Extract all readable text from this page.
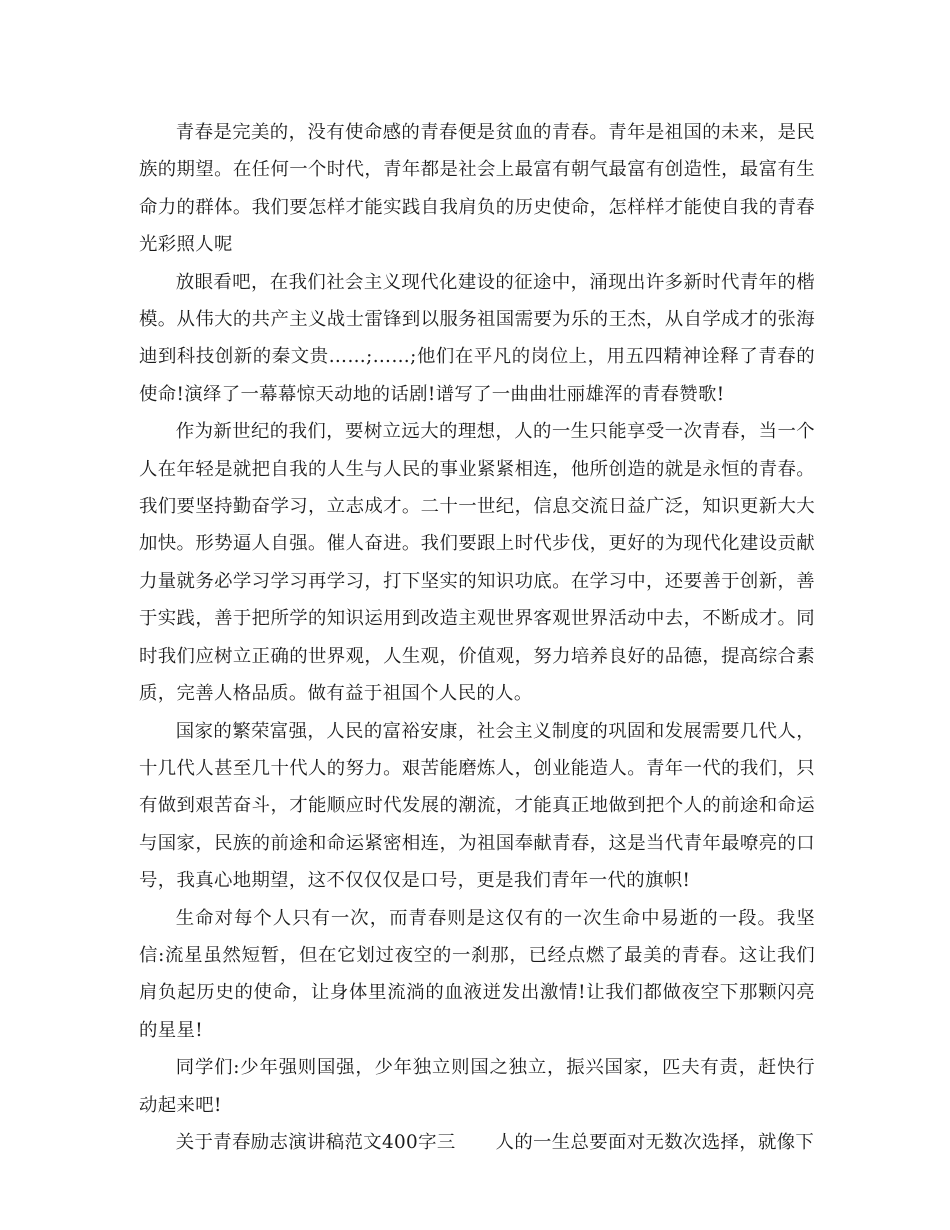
青春是完美的，没有使命感的青春便是贫血的青春。青年是祖国的未来，是民族的期望。在任何一个时代，青年都是社会上最富有朝气最富有创造性，最富有生命力的群体。我们要怎样才能实践自我肩负的历史使命，怎样样才能使自我的青春光彩照人呢

放眼看吧，在我们社会主义现代化建设的征途中，涌现出许多新时代青年的楷模。从伟大的共产主义战士雷锋到以服务祖国需要为乐的王杰，从自学成才的张海迪到科技创新的秦文贵……;……;他们在平凡的岗位上，用五四精神诠释了青春的使命!演绎了一幕幕惊天动地的话剧!谱写了一曲曲壮丽雄浑的青春赞歌!

作为新世纪的我们，要树立远大的理想，人的一生只能享受一次青春，当一个人在年轻是就把自我的人生与人民的事业紧紧相连，他所创造的就是永恒的青春。我们要坚持勤奋学习，立志成才。二十一世纪，信息交流日益广泛，知识更新大大加快。形势逼人自强。催人奋进。我们要跟上时代步伐，更好的为现代化建设贡献力量就务必学习学习再学习，打下坚实的知识功底。在学习中，还要善于创新，善于实践，善于把所学的知识运用到改造主观世界客观世界活动中去，不断成才。同时我们应树立正确的世界观，人生观，价值观，努力培养良好的品德，提高综合素质，完善人格品质。做有益于祖国个人民的人。

国家的繁荣富强，人民的富裕安康，社会主义制度的巩固和发展需要几代人，十几代人甚至几十代人的努力。艰苦能磨炼人，创业能造人。青年一代的我们，只有做到艰苦奋斗，才能顺应时代发展的潮流，才能真正地做到把个人的前途和命运与国家，民族的前途和命运紧密相连，为祖国奉献青春，这是当代青年最嘹亮的口号，我真心地期望，这不仅仅仅是口号，更是我们青年一代的旗帜!

生命对每个人只有一次，而青春则是这仅有的一次生命中易逝的一段。我坚信:流星虽然短暂，但在它划过夜空的一刹那，已经点燃了最美的青春。这让我们肩负起历史的使命，让身体里流淌的血液迸发出激情!让我们都做夜空下那颗闪亮的星星!

同学们:少年强则国强，少年独立则国之独立，振兴国家，匹夫有责，赶快行动起来吧!

关于青春励志演讲稿范文400字三 人的一生总要面对无数次选择，就像下
